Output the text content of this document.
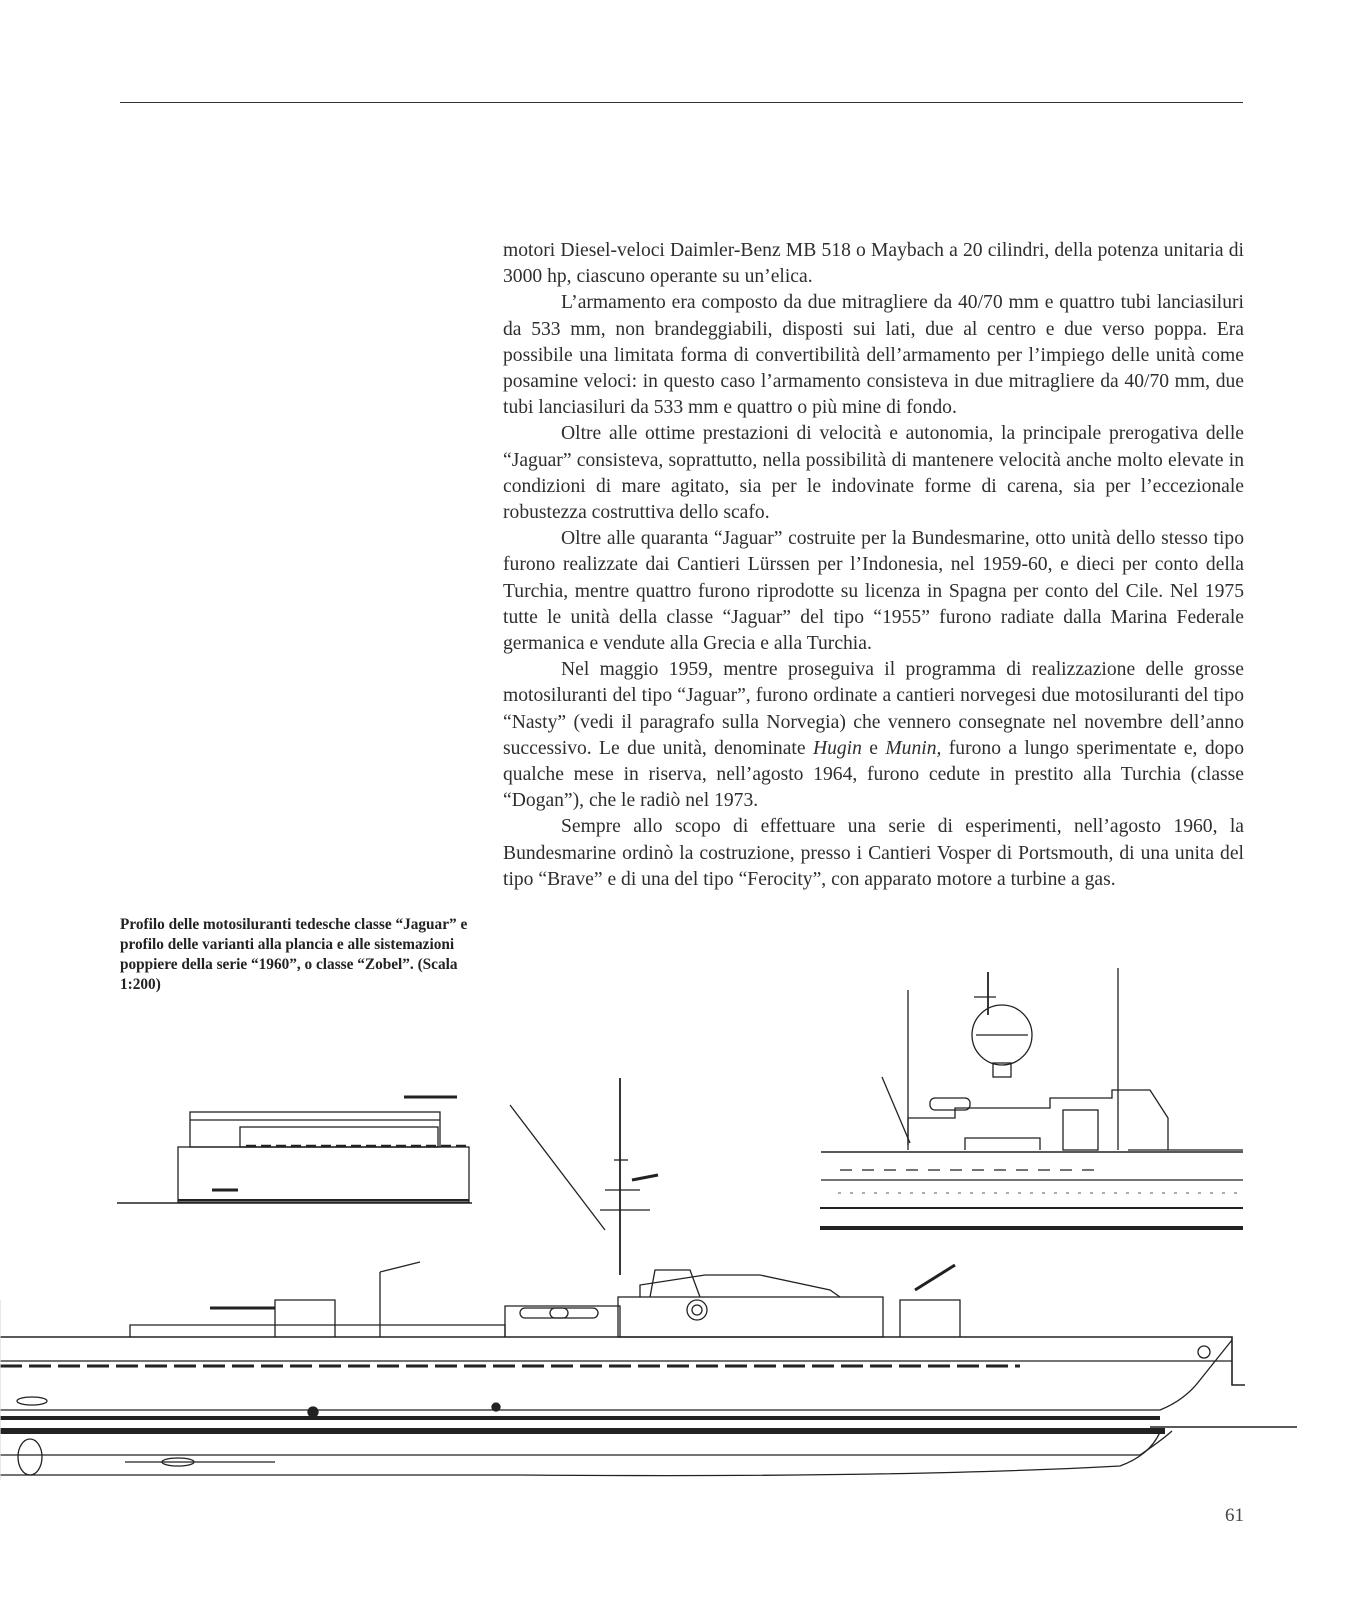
motori Diesel-veloci Daimler-Benz MB 518 o Maybach a 20 cilindri, della potenza unitaria di 3000 hp, ciascuno operante su un’elica.

L’armamento era composto da due mitragliere da 40/70 mm e quattro tubi lanciasiluri da 533 mm, non brandeggiabili, disposti sui lati, due al centro e due verso poppa. Era possibile una limitata forma di convertibilità dell’armamento per l’impiego delle unità come posamine veloci: in questo caso l’armamento consisteva in due mitragliere da 40/70 mm, due tubi lanciasiluri da 533 mm e quattro o più mine di fondo.

Oltre alle ottime prestazioni di velocità e autonomia, la principale prerogativa delle “Jaguar” consisteva, soprattutto, nella possibilità di mantenere velocità anche molto elevate in condizioni di mare agitato, sia per le indovinate forme di carena, sia per l’eccezionale robustezza costruttiva dello scafo.

Oltre alle quaranta “Jaguar” costruite per la Bundesmarine, otto unità dello stesso tipo furono realizzate dai Cantieri Lürssen per l’Indonesia, nel 1959-60, e dieci per conto della Turchia, mentre quattro furono riprodotte su licenza in Spagna per conto del Cile. Nel 1975 tutte le unità della classe “Jaguar” del tipo “1955” furono radiate dalla Marina Federale germanica e vendute alla Grecia e alla Turchia.

Nel maggio 1959, mentre proseguiva il programma di realizzazione delle grosse motosiluranti del tipo “Jaguar”, furono ordinate a cantieri norvegesi due motosiluranti del tipo “Nasty” (vedi il paragrafo sulla Norvegia) che vennero consegnate nel novembre dell’anno successivo. Le due unità, denominate Hugin e Munin, furono a lungo sperimentate e, dopo qualche mese in riserva, nell’agosto 1964, furono cedute in prestito alla Turchia (classe “Dogan”), che le radiò nel 1973.

Sempre allo scopo di effettuare una serie di esperimenti, nell’agosto 1960, la Bundesmarine ordinò la costruzione, presso i Cantieri Vosper di Portsmouth, di una unita del tipo “Brave” e di una del tipo “Ferocity”, con apparato motore a turbine a gas.

Profilo delle motosiluranti tedesche classe “Jaguar” e profilo delle varianti alla plancia e alle sistemazioni poppiere della serie “1960”, o classe “Zobel”. (Scala 1:200)
61
